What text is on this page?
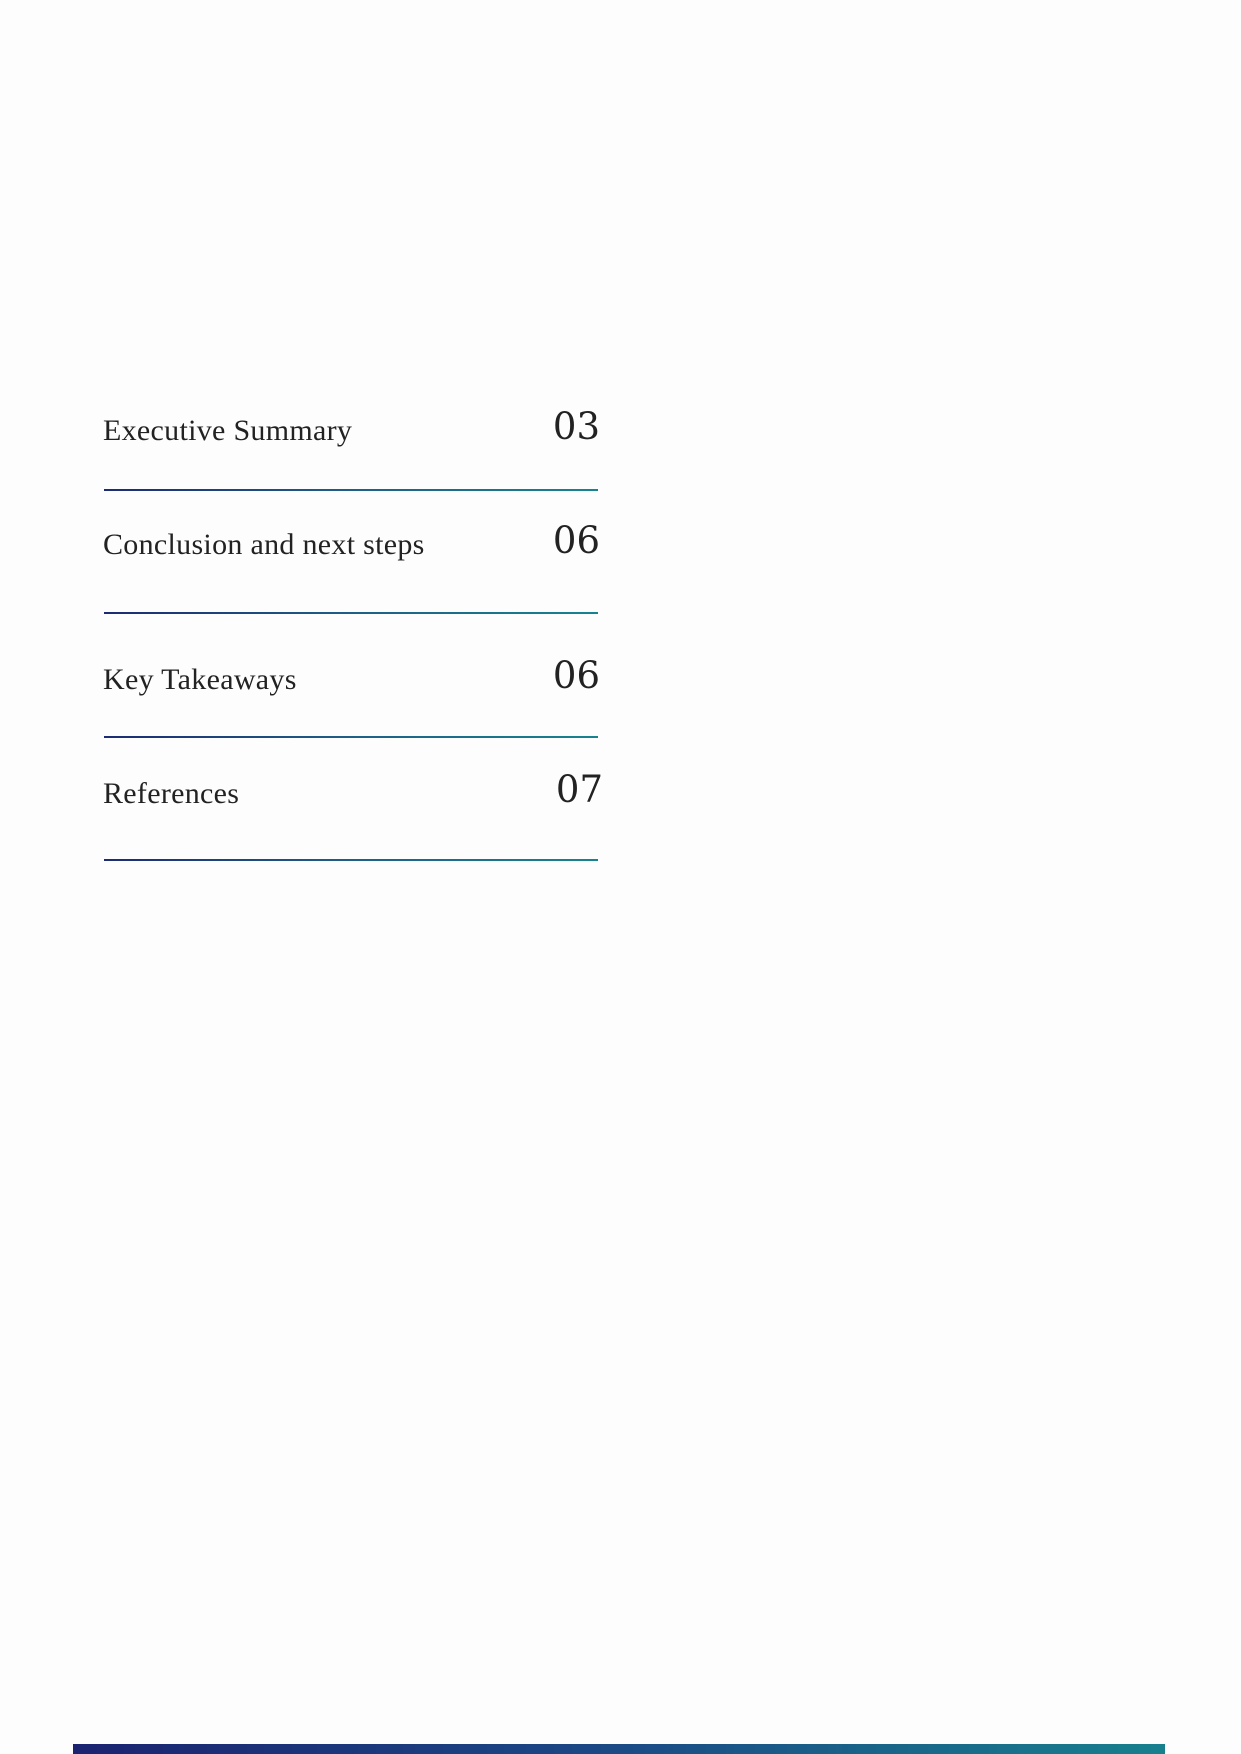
Executive Summary	03
Conclusion and next steps	06
Key Takeaways	06
References	07
